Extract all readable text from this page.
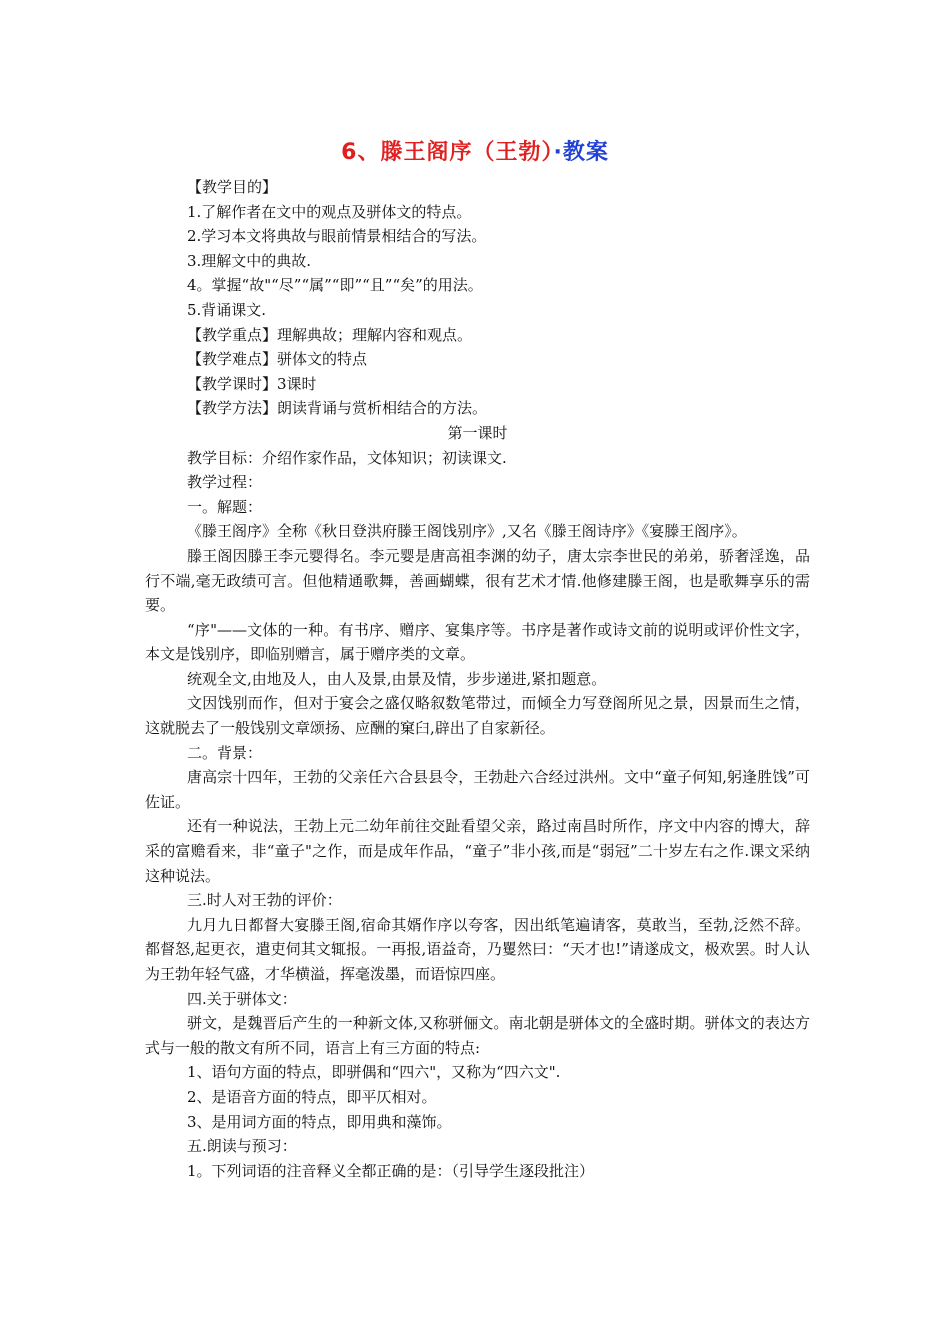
6、滕王阁序（王勃）·教案

【教学目的】

1.了解作者在文中的观点及骈体文的特点。

2.学习本文将典故与眼前情景相结合的写法。

3.理解文中的典故.

4。掌握“故"“尽”“属”“即”“且”“矣”的用法。

5.背诵课文.

【教学重点】理解典故；理解内容和观点。

【教学难点】骈体文的特点

【教学课时】3课时

【教学方法】朗读背诵与赏析相结合的方法。

第一课时

教学目标：介绍作家作品，文体知识；初读课文.

教学过程：

一。解题：

《滕王阁序》全称《秋日登洪府滕王阁饯别序》,又名《滕王阁诗序》《宴滕王阁序》。

滕王阁因滕王李元婴得名。李元婴是唐高祖李渊的幼子，唐太宗李世民的弟弟，骄奢淫逸，品行不端,毫无政绩可言。但他精通歌舞，善画蝴蝶，很有艺术才情.他修建滕王阁，也是歌舞享乐的需要。

“序"——文体的一种。有书序、赠序、宴集序等。书序是著作或诗文前的说明或评价性文字，本文是饯别序，即临别赠言，属于赠序类的文章。

统观全文,由地及人，由人及景,由景及情，步步递进,紧扣题意。

文因饯别而作，但对于宴会之盛仅略叙数笔带过，而倾全力写登阁所见之景，因景而生之情，这就脱去了一般饯别文章颂扬、应酬的窠臼,辟出了自家新径。

二。背景：

唐高宗十四年，王勃的父亲任六合县县令，王勃赴六合经过洪州。文中“童子何知,躬逢胜饯”可佐证。

还有一种说法，王勃上元二幼年前往交趾看望父亲，路过南昌时所作，序文中内容的博大，辞采的富赡看来，非“童子"之作，而是成年作品，“童子”非小孩,而是“弱冠”二十岁左右之作.课文采纳这种说法。

三.时人对王勃的评价：

九月九日都督大宴滕王阁,宿命其婿作序以夸客，因出纸笔遍请客，莫敢当，至勃,泛然不辞。都督怒,起更衣，遣吏伺其文辄报。一再报,语益奇，乃矍然曰：“天才也!”请遂成文，极欢罢。时人认为王勃年轻气盛，才华横溢，挥毫泼墨，而语惊四座。

四.关于骈体文：

骈文，是魏晋后产生的一种新文体,又称骈俪文。南北朝是骈体文的全盛时期。骈体文的表达方式与一般的散文有所不同，语言上有三方面的特点:

1、语句方面的特点，即骈偶和“四六"，又称为“四六文".

2、是语音方面的特点，即平仄相对。

3、是用词方面的特点，即用典和藻饰。

五.朗读与预习：

1。下列词语的注音释义全都正确的是：（引导学生逐段批注）
